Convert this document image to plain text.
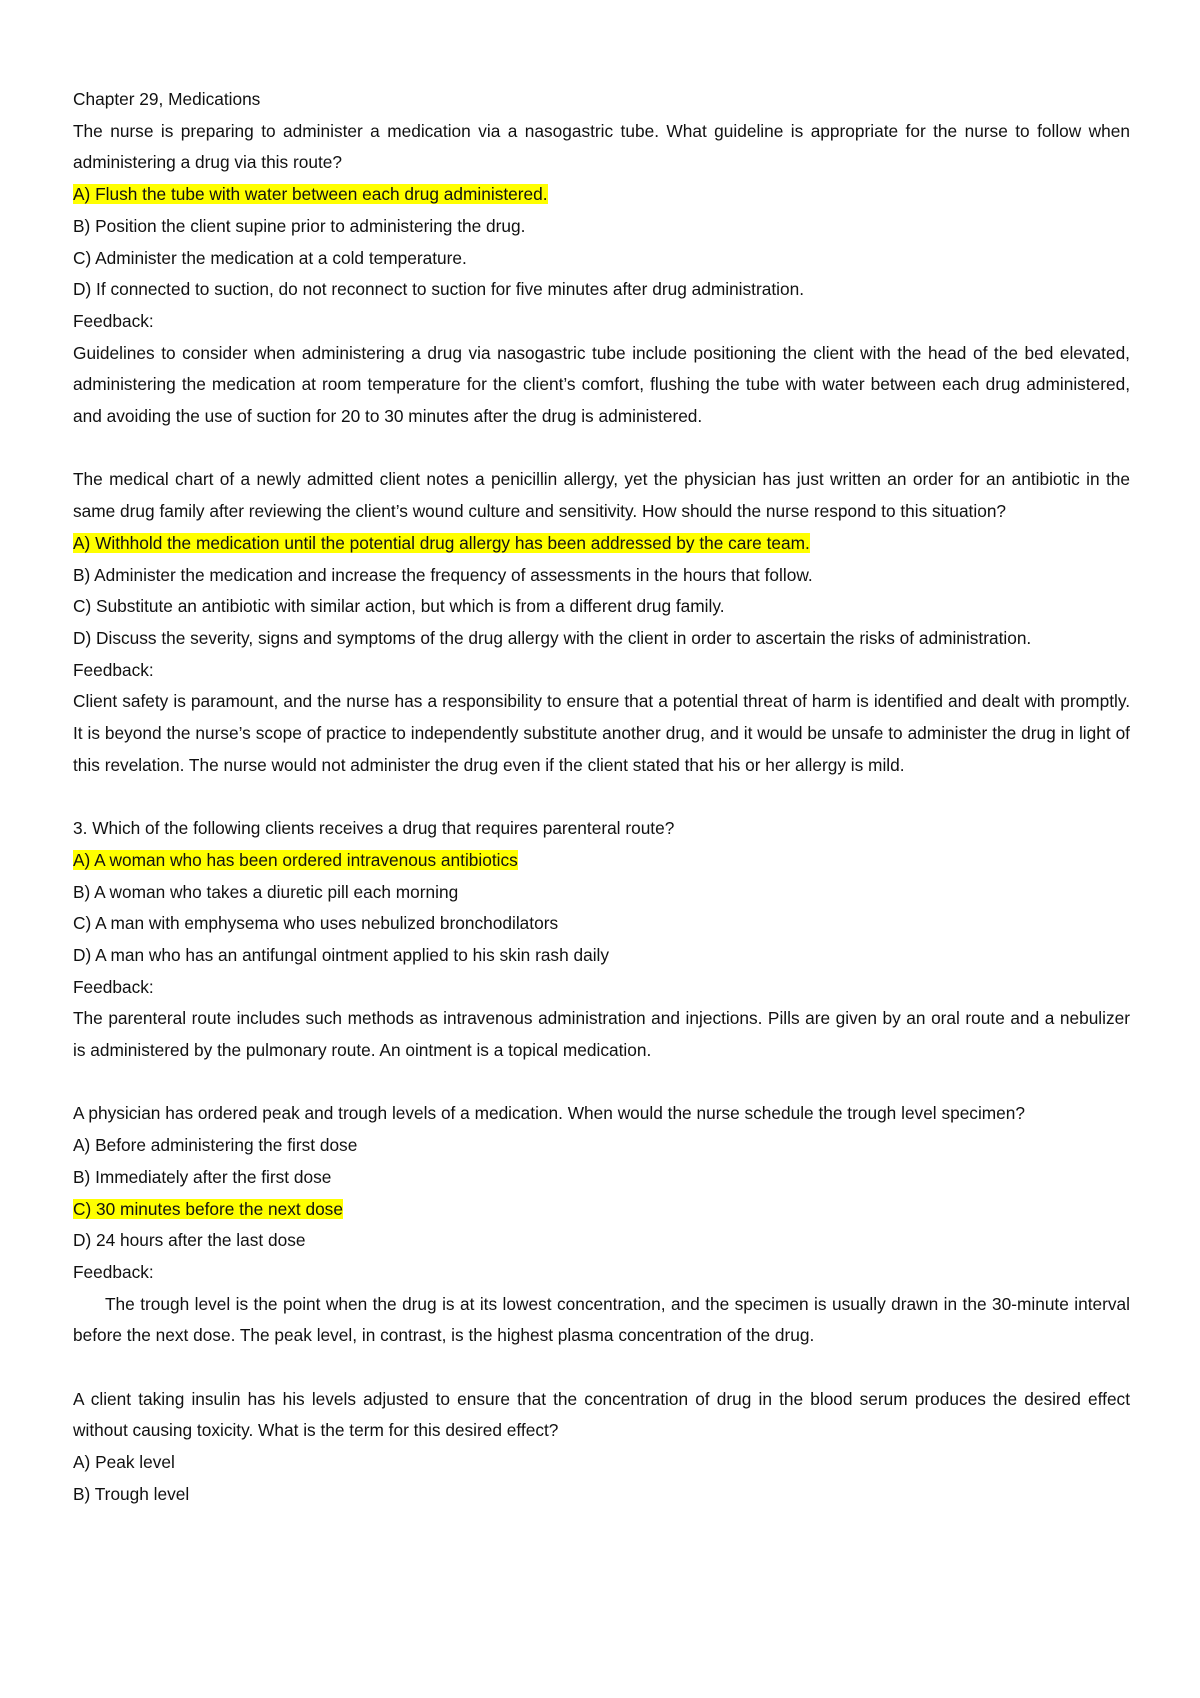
Chapter 29, Medications
The nurse is preparing to administer a medication via a nasogastric tube. What guideline is appropriate for the nurse to follow when administering a drug via this route?
A) Flush the tube with water between each drug administered.
B) Position the client supine prior to administering the drug.
C) Administer the medication at a cold temperature.
D) If connected to suction, do not reconnect to suction for five minutes after drug administration.
Feedback:
Guidelines to consider when administering a drug via nasogastric tube include positioning the client with the head of the bed elevated, administering the medication at room temperature for the client’s comfort, flushing the tube with water between each drug administered, and avoiding the use of suction for 20 to 30 minutes after the drug is administered.
The medical chart of a newly admitted client notes a penicillin allergy, yet the physician has just written an order for an antibiotic in the same drug family after reviewing the client’s wound culture and sensitivity. How should the nurse respond to this situation?
A) Withhold the medication until the potential drug allergy has been addressed by the care team.
B) Administer the medication and increase the frequency of assessments in the hours that follow.
C) Substitute an antibiotic with similar action, but which is from a different drug family.
D) Discuss the severity, signs and symptoms of the drug allergy with the client in order to ascertain the risks of administration.
Feedback:
Client safety is paramount, and the nurse has a responsibility to ensure that a potential threat of harm is identified and dealt with promptly. It is beyond the nurse’s scope of practice to independently substitute another drug, and it would be unsafe to administer the drug in light of this revelation. The nurse would not administer the drug even if the client stated that his or her allergy is mild.
3. Which of the following clients receives a drug that requires parenteral route?
A) A woman who has been ordered intravenous antibiotics
B) A woman who takes a diuretic pill each morning
C) A man with emphysema who uses nebulized bronchodilators
D) A man who has an antifungal ointment applied to his skin rash daily
Feedback:
The parenteral route includes such methods as intravenous administration and injections. Pills are given by an oral route and a nebulizer is administered by the pulmonary route. An ointment is a topical medication.
A physician has ordered peak and trough levels of a medication. When would the nurse schedule the trough level specimen?
A) Before administering the first dose
B) Immediately after the first dose
C) 30 minutes before the next dose
D) 24 hours after the last dose
Feedback:
The trough level is the point when the drug is at its lowest concentration, and the specimen is usually drawn in the 30-minute interval before the next dose. The peak level, in contrast, is the highest plasma concentration of the drug.
A client taking insulin has his levels adjusted to ensure that the concentration of drug in the blood serum produces the desired effect without causing toxicity. What is the term for this desired effect?
A) Peak level
B) Trough level
